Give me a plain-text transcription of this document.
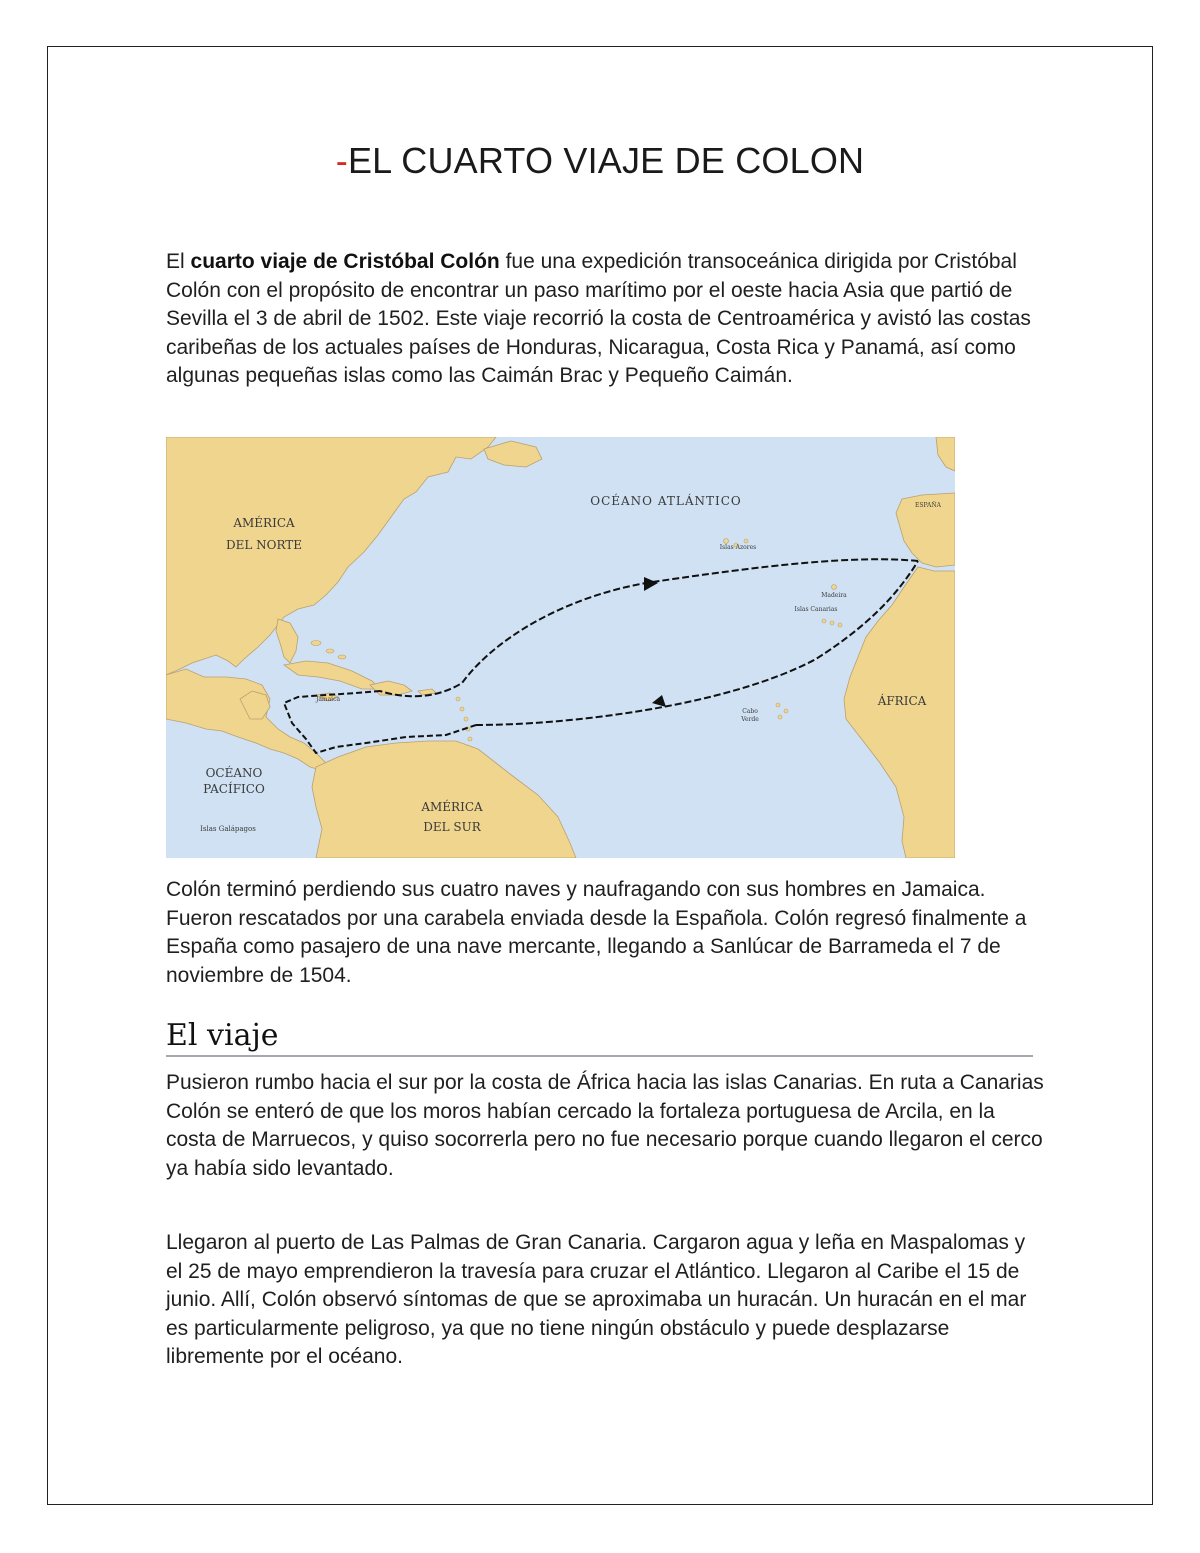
-EL CUARTO VIAJE DE COLON
El cuarto viaje de Cristóbal Colón fue una expedición transoceánica dirigida por Cristóbal Colón con el propósito de encontrar un paso marítimo por el oeste hacia Asia que partió de Sevilla el 3 de abril de 1502. Este viaje recorrió la costa de Centroamérica y avistó las costas caribeñas de los actuales países de Honduras, Nicaragua, Costa Rica y Panamá, así como algunas pequeñas islas como las Caimán Brac y Pequeño Caimán.
OCÉANO ATLÁNTICO
AMÉRICA
DEL NORTE
ÁFRICA
OCÉANO
PACÍFICO
AMÉRICA
DEL SUR
ESPAÑA
Islas Azores
Madeira
Islas Canarias
Cabo
Verde
Jamaica
Islas Galápagos
Colón terminó perdiendo sus cuatro naves y naufragando con sus hombres en Jamaica. Fueron rescatados por una carabela enviada desde la Española. Colón regresó finalmente a España como pasajero de una nave mercante, llegando a Sanlúcar de Barrameda el 7 de noviembre de 1504.
El viaje
Pusieron rumbo hacia el sur por la costa de África hacia las islas Canarias. En ruta a Canarias Colón se enteró de que los moros habían cercado la fortaleza portuguesa de Arcila, en la costa de Marruecos, y quiso socorrerla pero no fue necesario porque cuando llegaron el cerco ya había sido levantado.
Llegaron al puerto de Las Palmas de Gran Canaria. Cargaron agua y leña en Maspalomas y el 25 de mayo emprendieron la travesía para cruzar el Atlántico. Llegaron al Caribe el 15 de junio. Allí, Colón observó síntomas de que se aproximaba un huracán. Un huracán en el mar es particularmente peligroso, ya que no tiene ningún obstáculo y puede desplazarse libremente por el océano.
